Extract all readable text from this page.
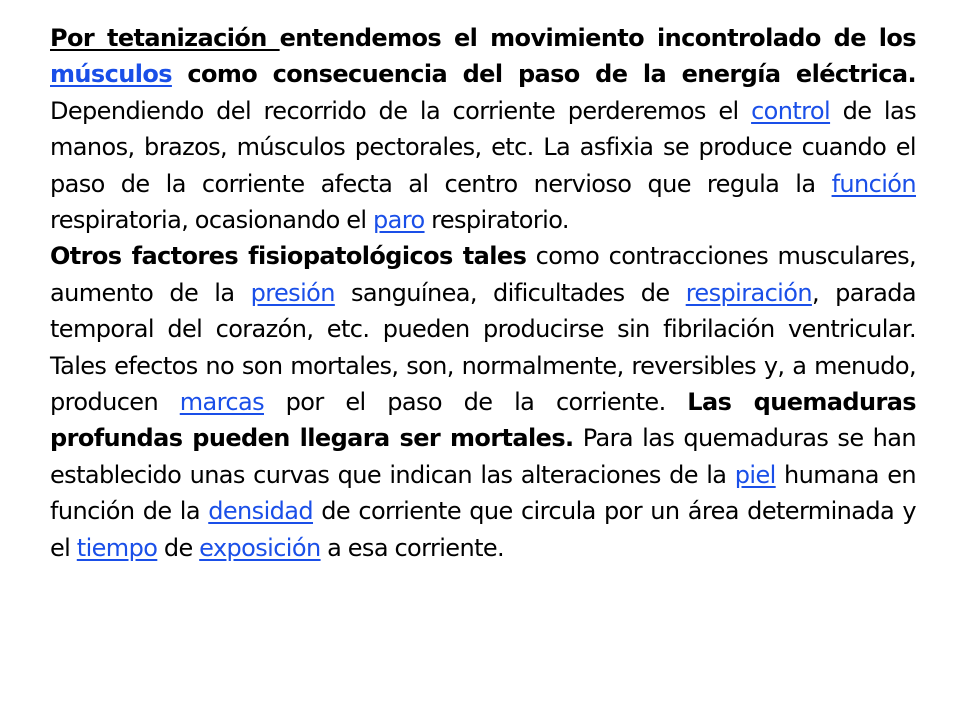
Por tetanización entendemos el movimiento incontrolado de los músculos como consecuencia del paso de la energía eléctrica. Dependiendo del recorrido de la corriente perderemos el control de las manos, brazos, músculos pectorales, etc. La asfixia se produce cuando el paso de la corriente afecta al centro nervioso que regula la función respiratoria, ocasionando el paro respiratorio.

Otros factores fisiopatológicos tales como contracciones musculares, aumento de la presión sanguínea, dificultades de respiración, parada temporal del corazón, etc. pueden producirse sin fibrilación ventricular. Tales efectos no son mortales, son, normalmente, reversibles y, a menudo, producen marcas por el paso de la corriente. Las quemaduras profundas pueden llegara ser mortales. Para las quemaduras se han establecido unas curvas que indican las alteraciones de la piel humana en función de la densidad de corriente que circula por un área determinada y el tiempo de exposición a esa corriente.
